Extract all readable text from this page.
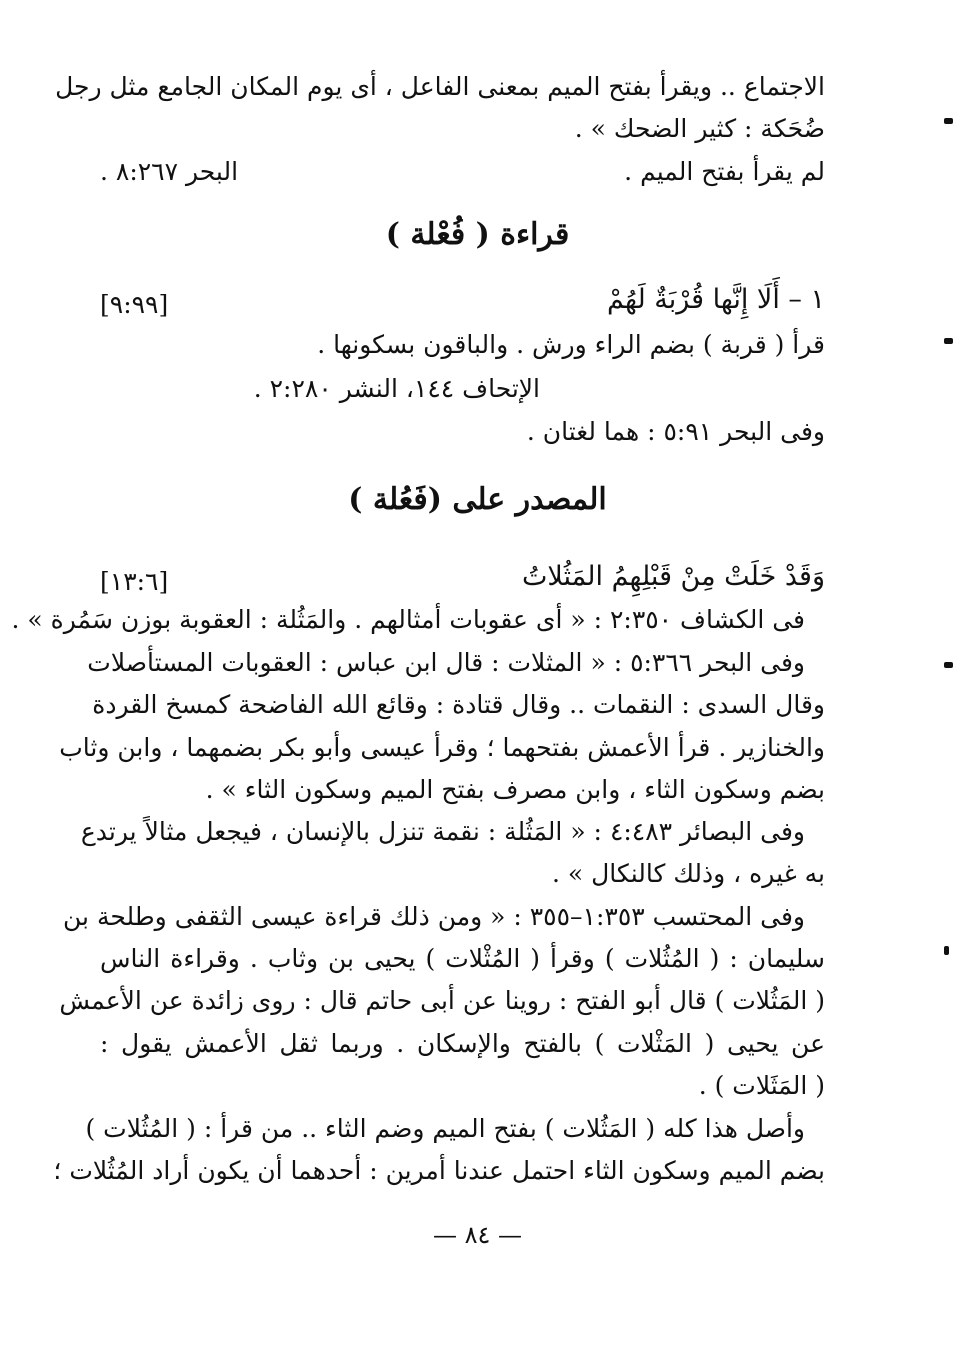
الاجتماع .. ويقرأ بفتح الميم بمعنى الفاعل ، أى يوم المكان الجامع مثل رجل
ضُحَكة : كثير الضحك » .
لم يقرأ بفتح الميم .
البحر ٨:٢٦٧ .
قراءة ( فُعْلة )
١ – أَلَا إِنَّها قُرْبَةٌ لَهُمْ
[٩:٩٩]
قرأ ( قربة ) بضم الراء ورش . والباقون بسكونها .
الإتحاف ١٤٤، النشر ٢:٢٨٠ .
وفى البحر ٥:٩١ : هما لغتان .
المصدر على (فَعُلة )
وَقَدْ خَلَتْ مِنْ قَبْلِهِمُ المَثُلاتُ
[١٣:٦]
فى الكشاف ٢:٣٥٠ : « أى عقوبات أمثالهم . والمَثُلة : العقوبة بوزن سَمُرة » .
وفى البحر ٥:٣٦٦ : « المثلات : قال ابن عباس : العقوبات المستأصلات
وقال السدى : النقمات .. وقال قتادة : وقائع الله الفاضحة كمسخ القردة
والخنازير . قرأ الأعمش بفتحهما ؛ وقرأ عيسى وأبو بكر بضمهما ، وابن وثاب
بضم وسكون الثاء ، وابن مصرف بفتح الميم وسكون الثاء » .
وفى البصائر ٤:٤٨٣ : « المَثُلة : نقمة تنزل بالإنسان ، فيجعل مثالاً يرتدع
به غيره ، وذلك كالنكال » .
وفى المحتسب ١:٣٥٣–٣٥٥ : « ومن ذلك قراءة عيسى الثقفى وطلحة بن
سليمان : ( المُثُلات ) وقرأ ( المُثْلات ) يحيى بن وثاب . وقراءة الناس
( المَثُلات ) قال أبو الفتح : روينا عن أبى حاتم قال : روى زائدة عن الأعمش
عن يحيى ( المَثْلات ) بالفتح والإسكان . وربما ثقل الأعمش يقول :
( المَثَلات ) .
وأصل هذا كله ( المَثُلات ) بفتح الميم وضم الثاء .. من قرأ : ( المُثُلات )
بضم الميم وسكون الثاء احتمل عندنا أمرين : أحدهما أن يكون أراد المُثُلات ؛
— ٨٤ —
